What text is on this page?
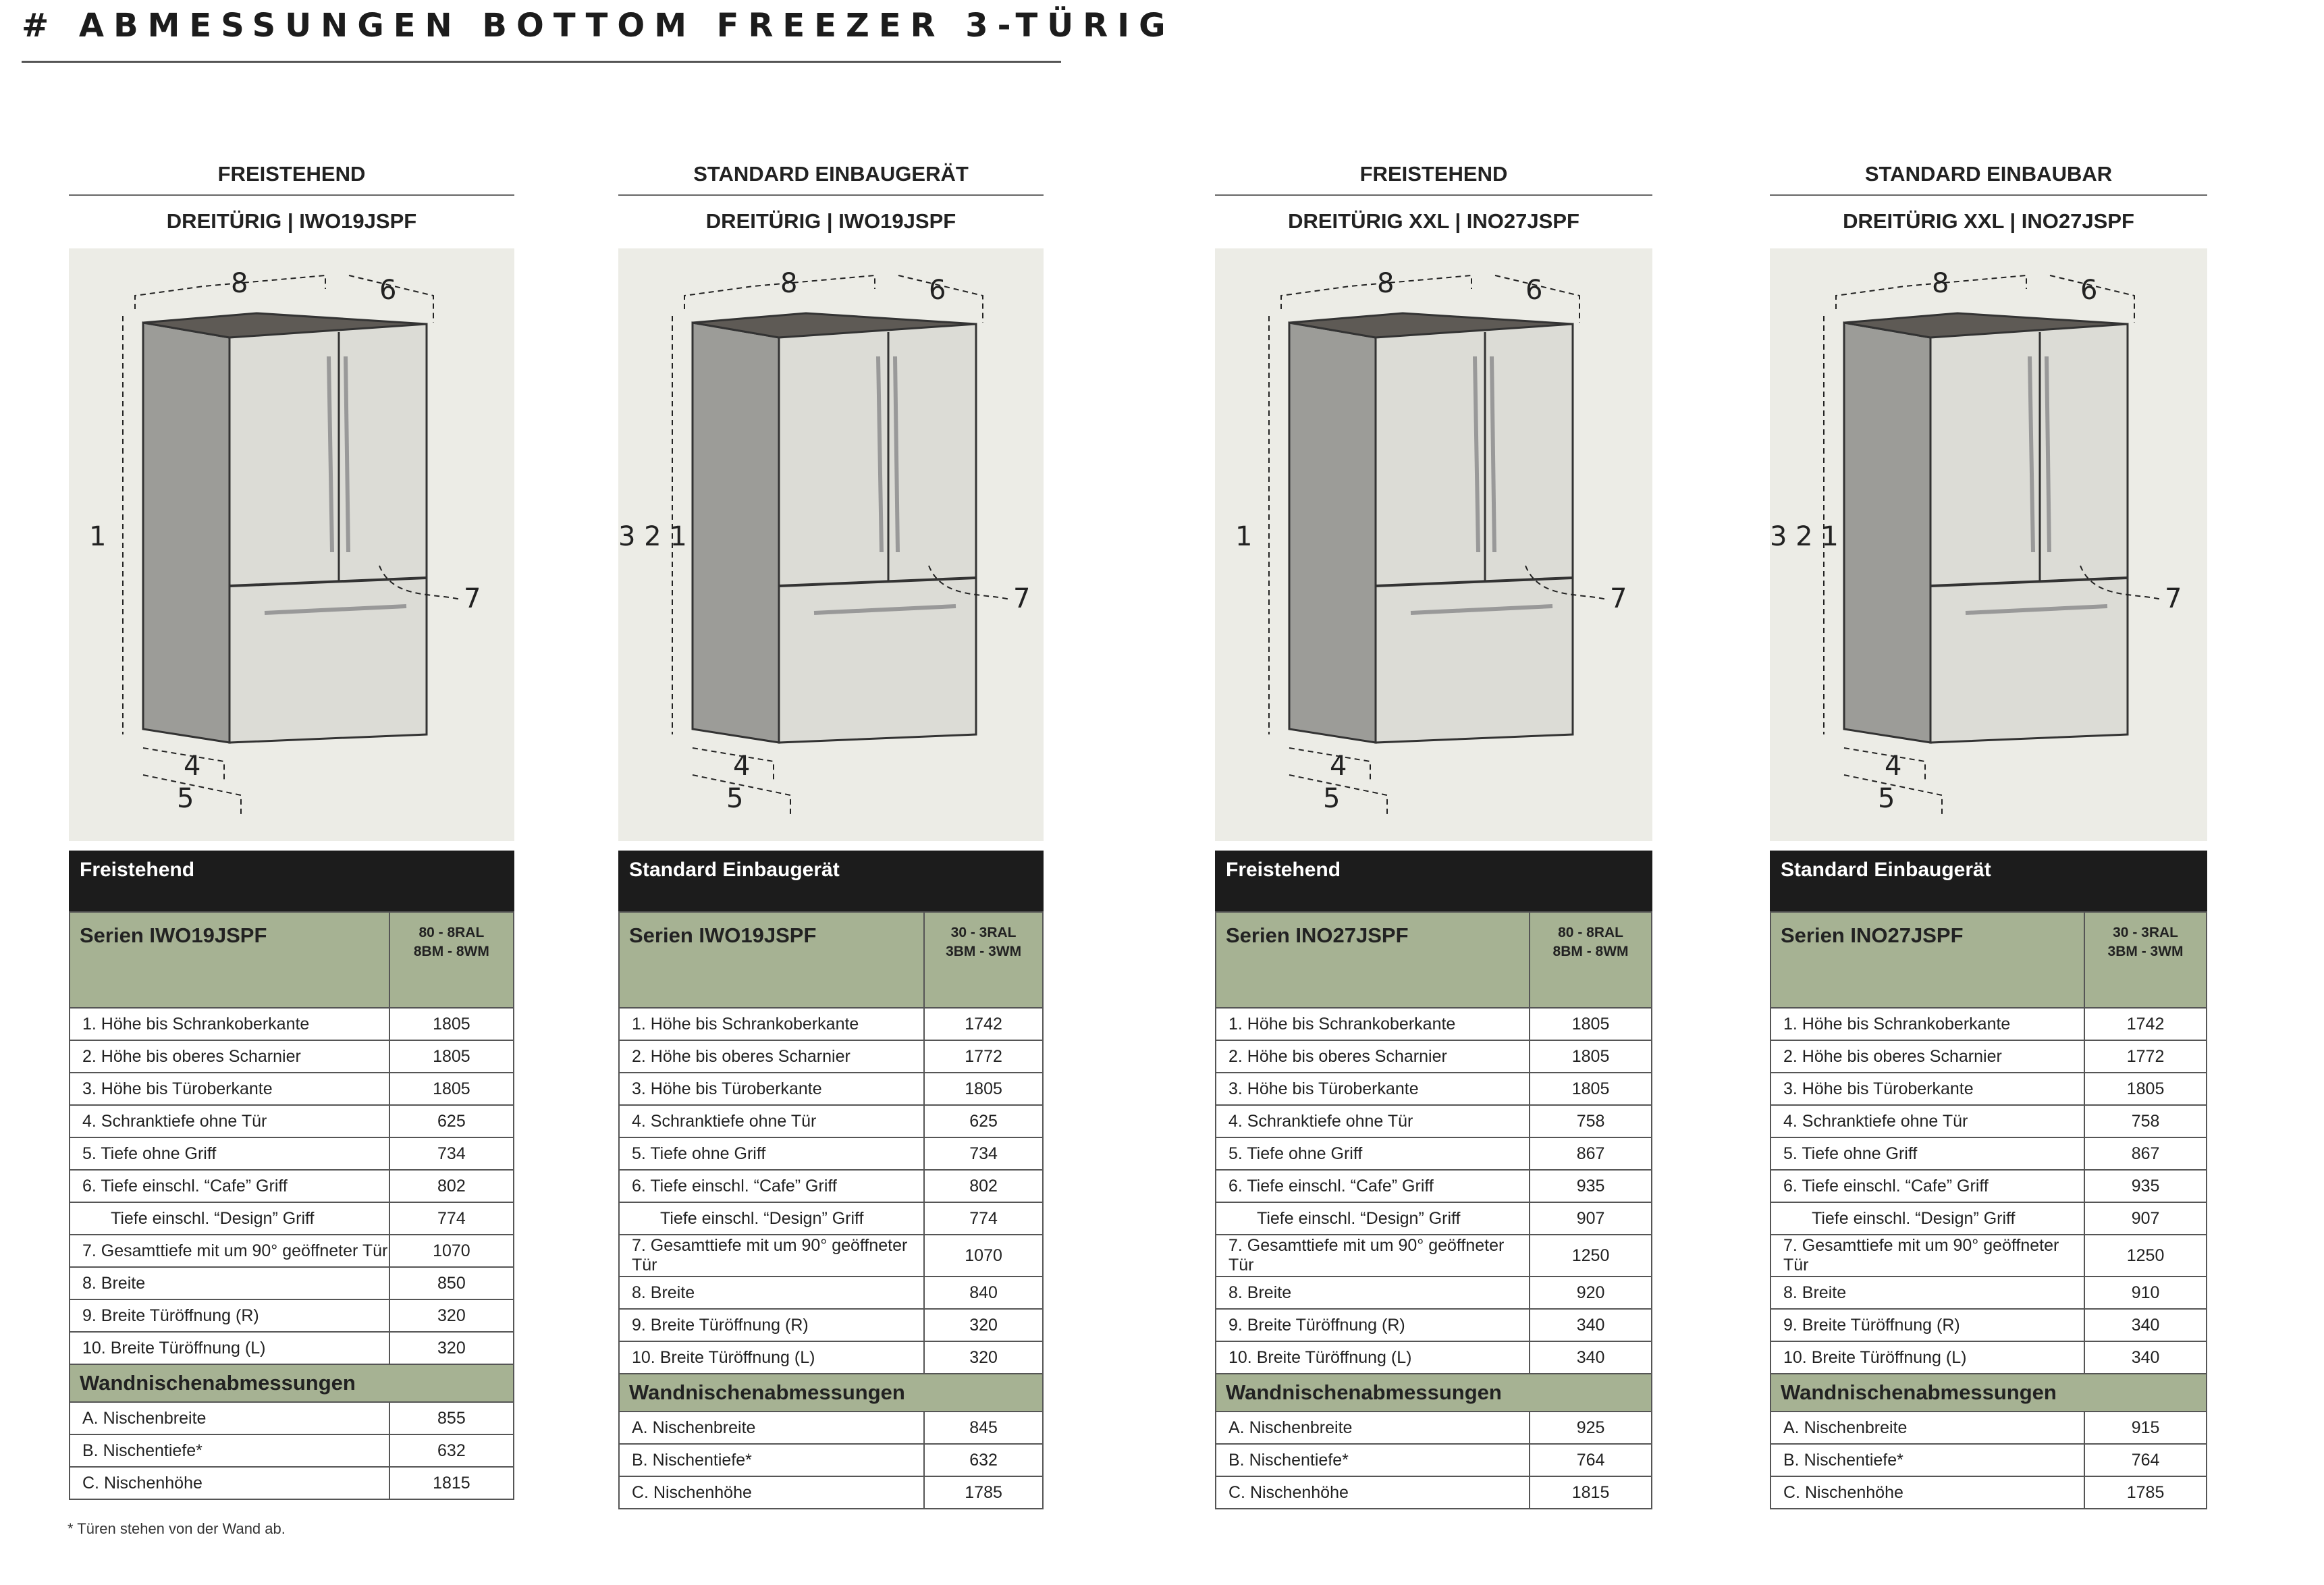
# ABMESSUNGEN BOTTOM FREEZER 3-TÜRIG
FREISTEHEND
DREITÜRIG | IWO19JSPF
8	6
1
7
4
5
Freistehend
Serien IWO19JSPF	80 - 8RAL
8BM - 8WM

1. Höhe bis Schrankoberkante	1805
2. Höhe bis oberes Scharnier	1805
3. Höhe bis Türoberkante	1805
4. Schranktiefe ohne Tür	625
5. Tiefe ohne Griff	734
6. Tiefe einschl. “Cafe” Griff	802
Tiefe einschl. “Design” Griff	774
7. Gesamttiefe mit um 90° geöffneter Tür	1070
8. Breite	850
9. Breite Türöffnung (R)	320
10. Breite Türöffnung (L)	320
Wandnischenabmessungen	
A. Nischenbreite	855
B. Nischentiefe*	632
C. Nischenhöhe	1815
STANDARD EINBAUGERÄT
DREITÜRIG | IWO19JSPF
8	6
3 2 1
7
4
5
Standard Einbaugerät
Serien IWO19JSPF	30 - 3RAL
3BM - 3WM

1. Höhe bis Schrankoberkante	1742
2. Höhe bis oberes Scharnier	1772
3. Höhe bis Türoberkante	1805
4. Schranktiefe ohne Tür	625
5. Tiefe ohne Griff	734
6. Tiefe einschl. “Cafe” Griff	802
Tiefe einschl. “Design” Griff	774
7. Gesamttiefe mit um 90° geöffneter Tür	1070
8. Breite	840
9. Breite Türöffnung (R)	320
10. Breite Türöffnung (L)	320
Wandnischenabmessungen	
A. Nischenbreite	845
B. Nischentiefe*	632
C. Nischenhöhe	1785
FREISTEHEND
DREITÜRIG XXL | INO27JSPF
8	6
1
7
4
5
Freistehend
Serien INO27JSPF	80 - 8RAL
8BM - 8WM

1. Höhe bis Schrankoberkante	1805
2. Höhe bis oberes Scharnier	1805
3. Höhe bis Türoberkante	1805
4. Schranktiefe ohne Tür	758
5. Tiefe ohne Griff	867
6. Tiefe einschl. “Cafe” Griff	935
Tiefe einschl. “Design” Griff	907
7. Gesamttiefe mit um 90° geöffneter Tür	1250
8. Breite	920
9. Breite Türöffnung (R)	340
10. Breite Türöffnung (L)	340
Wandnischenabmessungen	
A. Nischenbreite	925
B. Nischentiefe*	764
C. Nischenhöhe	1815
STANDARD EINBAUBAR
DREITÜRIG XXL | INO27JSPF
8	6
3 2 1
7
4
5
Standard Einbaugerät
Serien INO27JSPF	30 - 3RAL
3BM - 3WM

1. Höhe bis Schrankoberkante	1742
2. Höhe bis oberes Scharnier	1772
3. Höhe bis Türoberkante	1805
4. Schranktiefe ohne Tür	758
5. Tiefe ohne Griff	867
6. Tiefe einschl. “Cafe” Griff	935
Tiefe einschl. “Design” Griff	907
7. Gesamttiefe mit um 90° geöffneter Tür	1250
8. Breite	910
9. Breite Türöffnung (R)	340
10. Breite Türöffnung (L)	340
Wandnischenabmessungen	
A. Nischenbreite	915
B. Nischentiefe*	764
C. Nischenhöhe	1785
* Türen stehen von der Wand ab.
